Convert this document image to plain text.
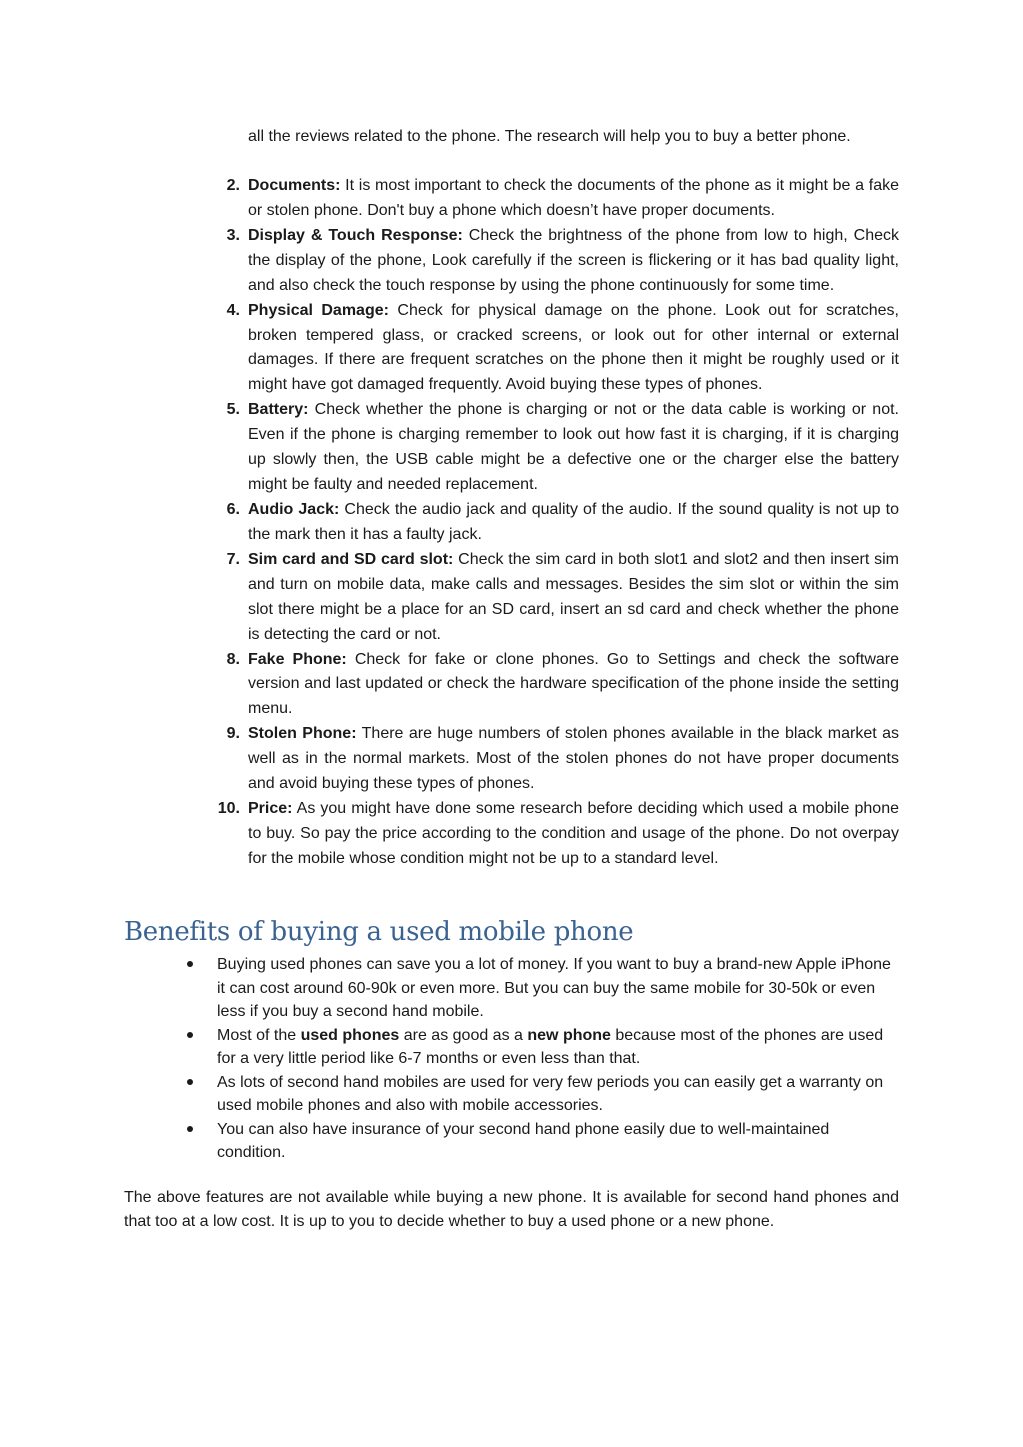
all the reviews related to the phone. The research will help you to buy a better phone.

2. Documents: It is most important to check the documents of the phone as it might be a fake or stolen phone. Don't buy a phone which doesn’t have proper documents.
3. Display & Touch Response: Check the brightness of the phone from low to high, Check the display of the phone, Look carefully if the screen is flickering or it has bad quality light, and also check the touch response by using the phone continuously for some time.
4. Physical Damage: Check for physical damage on the phone. Look out for scratches, broken tempered glass, or cracked screens, or look out for other internal or external damages. If there are frequent scratches on the phone then it might be roughly used or it might have got damaged frequently. Avoid buying these types of phones.
5. Battery: Check whether the phone is charging or not or the data cable is working or not. Even if the phone is charging remember to look out how fast it is charging, if it is charging up slowly then, the USB cable might be a defective one or the charger else the battery might be faulty and needed replacement.
6. Audio Jack: Check the audio jack and quality of the audio. If the sound quality is not up to the mark then it has a faulty jack.
7. Sim card and SD card slot: Check the sim card in both slot1 and slot2 and then insert sim and turn on mobile data, make calls and messages. Besides the sim slot or within the sim slot there might be a place for an SD card, insert an sd card and check whether the phone is detecting the card or not.
8. Fake Phone: Check for fake or clone phones. Go to Settings and check the software version and last updated or check the hardware specification of the phone inside the setting menu.
9. Stolen Phone: There are huge numbers of stolen phones available in the black market as well as in the normal markets. Most of the stolen phones do not have proper documents and avoid buying these types of phones.
10. Price: As you might have done some research before deciding which used a mobile phone to buy. So pay the price according to the condition and usage of the phone. Do not overpay for the mobile whose condition might not be up to a standard level.
Benefits of buying a used mobile phone
Buying used phones can save you a lot of money. If you want to buy a brand-new Apple iPhone it can cost around 60-90k or even more. But you can buy the same mobile for 30-50k or even less if you buy a second hand mobile.
Most of the used phones are as good as a new phone because most of the phones are used for a very little period like 6-7 months or even less than that.
As lots of second hand mobiles are used for very few periods you can easily get a warranty on used mobile phones and also with mobile accessories.
You can also have insurance of your second hand phone easily due to well-maintained condition.

The above features are not available while buying a new phone. It is available for second hand phones and that too at a low cost. It is up to you to decide whether to buy a used phone or a new phone.
